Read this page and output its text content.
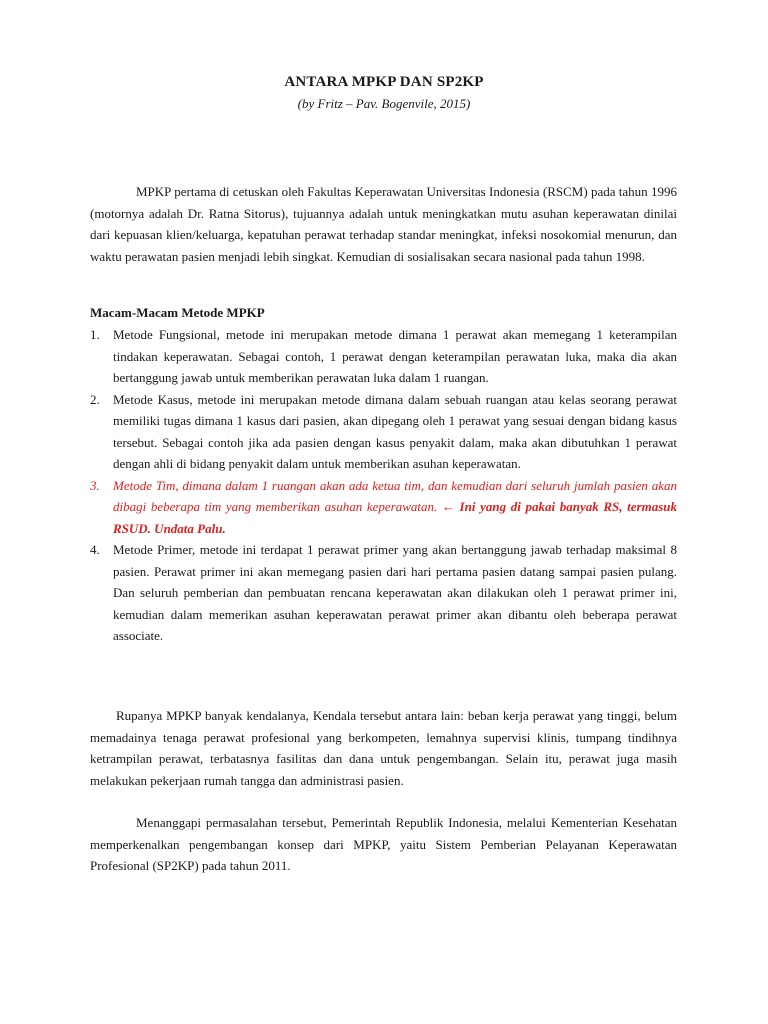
ANTARA MPKP DAN SP2KP
(by Fritz – Pav. Bogenvile, 2015)

MPKP pertama di cetuskan oleh Fakultas Keperawatan Universitas Indonesia (RSCM) pada tahun 1996 (motornya adalah Dr. Ratna Sitorus), tujuannya adalah untuk meningkatkan mutu asuhan keperawatan dinilai dari kepuasan klien/keluarga, kepatuhan perawat terhadap standar meningkat, infeksi nosokomial menurun, dan waktu perawatan pasien menjadi lebih singkat. Kemudian di sosialisakan secara nasional pada tahun 1998.

Macam-Macam Metode MPKP

1. Metode Fungsional, metode ini merupakan metode dimana 1 perawat akan memegang 1 keterampilan tindakan keperawatan. Sebagai contoh, 1 perawat dengan keterampilan perawatan luka, maka dia akan bertanggung jawab untuk memberikan perawatan luka dalam 1 ruangan.
2. Metode Kasus, metode ini merupakan metode dimana dalam sebuah ruangan atau kelas seorang perawat memiliki tugas dimana 1 kasus dari pasien, akan dipegang oleh 1 perawat yang sesuai dengan bidang kasus tersebut. Sebagai contoh jika ada pasien dengan kasus penyakit dalam, maka akan dibutuhkan 1 perawat dengan ahli di bidang penyakit dalam untuk memberikan asuhan keperawatan.
3. Metode Tim, dimana dalam 1 ruangan akan ada ketua tim, dan kemudian dari seluruh jumlah pasien akan dibagi beberapa tim yang memberikan asuhan keperawatan. ← Ini yang di pakai banyak RS, termasuk RSUD. Undata Palu.
4. Metode Primer, metode ini terdapat 1 perawat primer yang akan bertanggung jawab terhadap maksimal 8 pasien. Perawat primer ini akan memegang pasien dari hari pertama pasien datang sampai pasien pulang. Dan seluruh pemberian dan pembuatan rencana keperawatan akan dilakukan oleh 1 perawat primer ini, kemudian dalam memerikan asuhan keperawatan perawat primer akan dibantu oleh beberapa perawat associate.

Rupanya MPKP banyak kendalanya, Kendala tersebut antara lain: beban kerja perawat yang tinggi, belum memadainya tenaga perawat profesional yang berkompeten, lemahnya supervisi klinis, tumpang tindihnya ketrampilan perawat, terbatasnya fasilitas dan dana untuk pengembangan. Selain itu, perawat juga masih melakukan pekerjaan rumah tangga dan administrasi pasien.

Menanggapi permasalahan tersebut, Pemerintah Republik Indonesia, melalui Kementerian Kesehatan memperkenalkan pengembangan konsep dari MPKP, yaitu Sistem Pemberian Pelayanan Keperawatan Profesional (SP2KP) pada tahun 2011.
